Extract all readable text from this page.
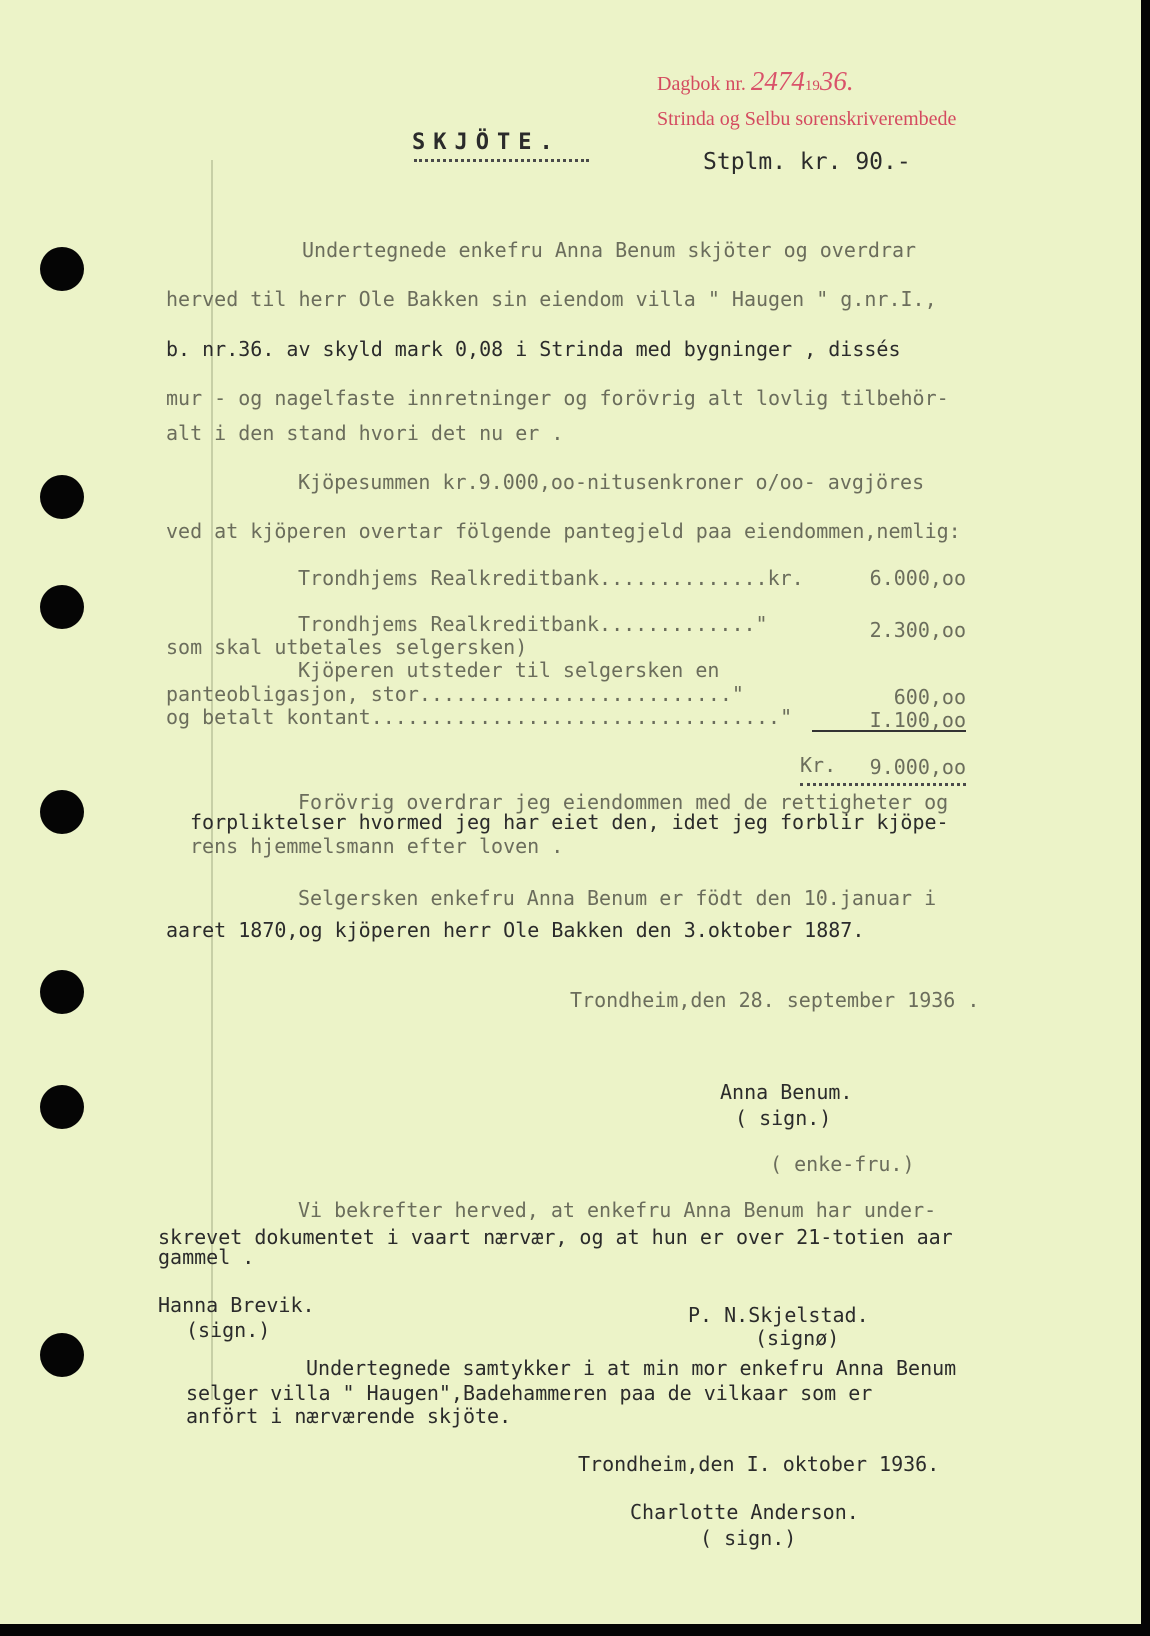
Dagbok nr. 24741936.
Strinda og Selbu sorenskriverembede
SKJÖTE.
Stplm. kr. 90.-
Undertegnede enkefru Anna Benum skjöter og overdrar
herved til herr Ole Bakken sin eiendom villa " Haugen " g.nr.I.,
b. nr.36. av skyld mark 0,08 i Strinda med bygninger , dissés
mur - og nagelfaste innretninger og forövrig alt lovlig tilbehör-
alt i den stand hvori det nu er .
Kjöpesummen kr.9.000,oo-nitusenkroner o/oo- avgjöres
ved at kjöperen overtar fölgende pantegjeld paa eiendommen,nemlig:
Trondhjems Realkreditbank..............kr.	6.000,oo
Trondhjems Realkreditbank............."	2.300,oo
som skal utbetales selgersken)
Kjöperen utsteder til selgersken en
panteobligasjon, stor.........................."	600,oo
og betalt kontant.................................."	I.100,oo
Kr.	9.000,oo
Forövrig overdrar jeg eiendommen med de rettigheter og
forpliktelser hvormed jeg har eiet den, idet jeg forblir kjöpe-
rens hjemmelsmann efter loven .
Selgersken enkefru Anna Benum er födt den 10.januar i
aaret 1870,og kjöperen herr Ole Bakken den 3.oktober 1887.
Trondheim,den 28. september 1936 .
Anna Benum.
( sign.)
( enke-fru.)
Vi bekrefter herved, at enkefru Anna Benum har under-
skrevet dokumentet i vaart nærvær, og at hun er over 21-totien aar
gammel .
Hanna Brevik.
(sign.)
P. N.Skjelstad.
(signø)
Undertegnede samtykker i at min mor enkefru Anna Benum
selger villa " Haugen",Badehammeren paa de vilkaar som er
anfört i nærværende skjöte.
Trondheim,den I. oktober 1936.
Charlotte Anderson.
( sign.)
